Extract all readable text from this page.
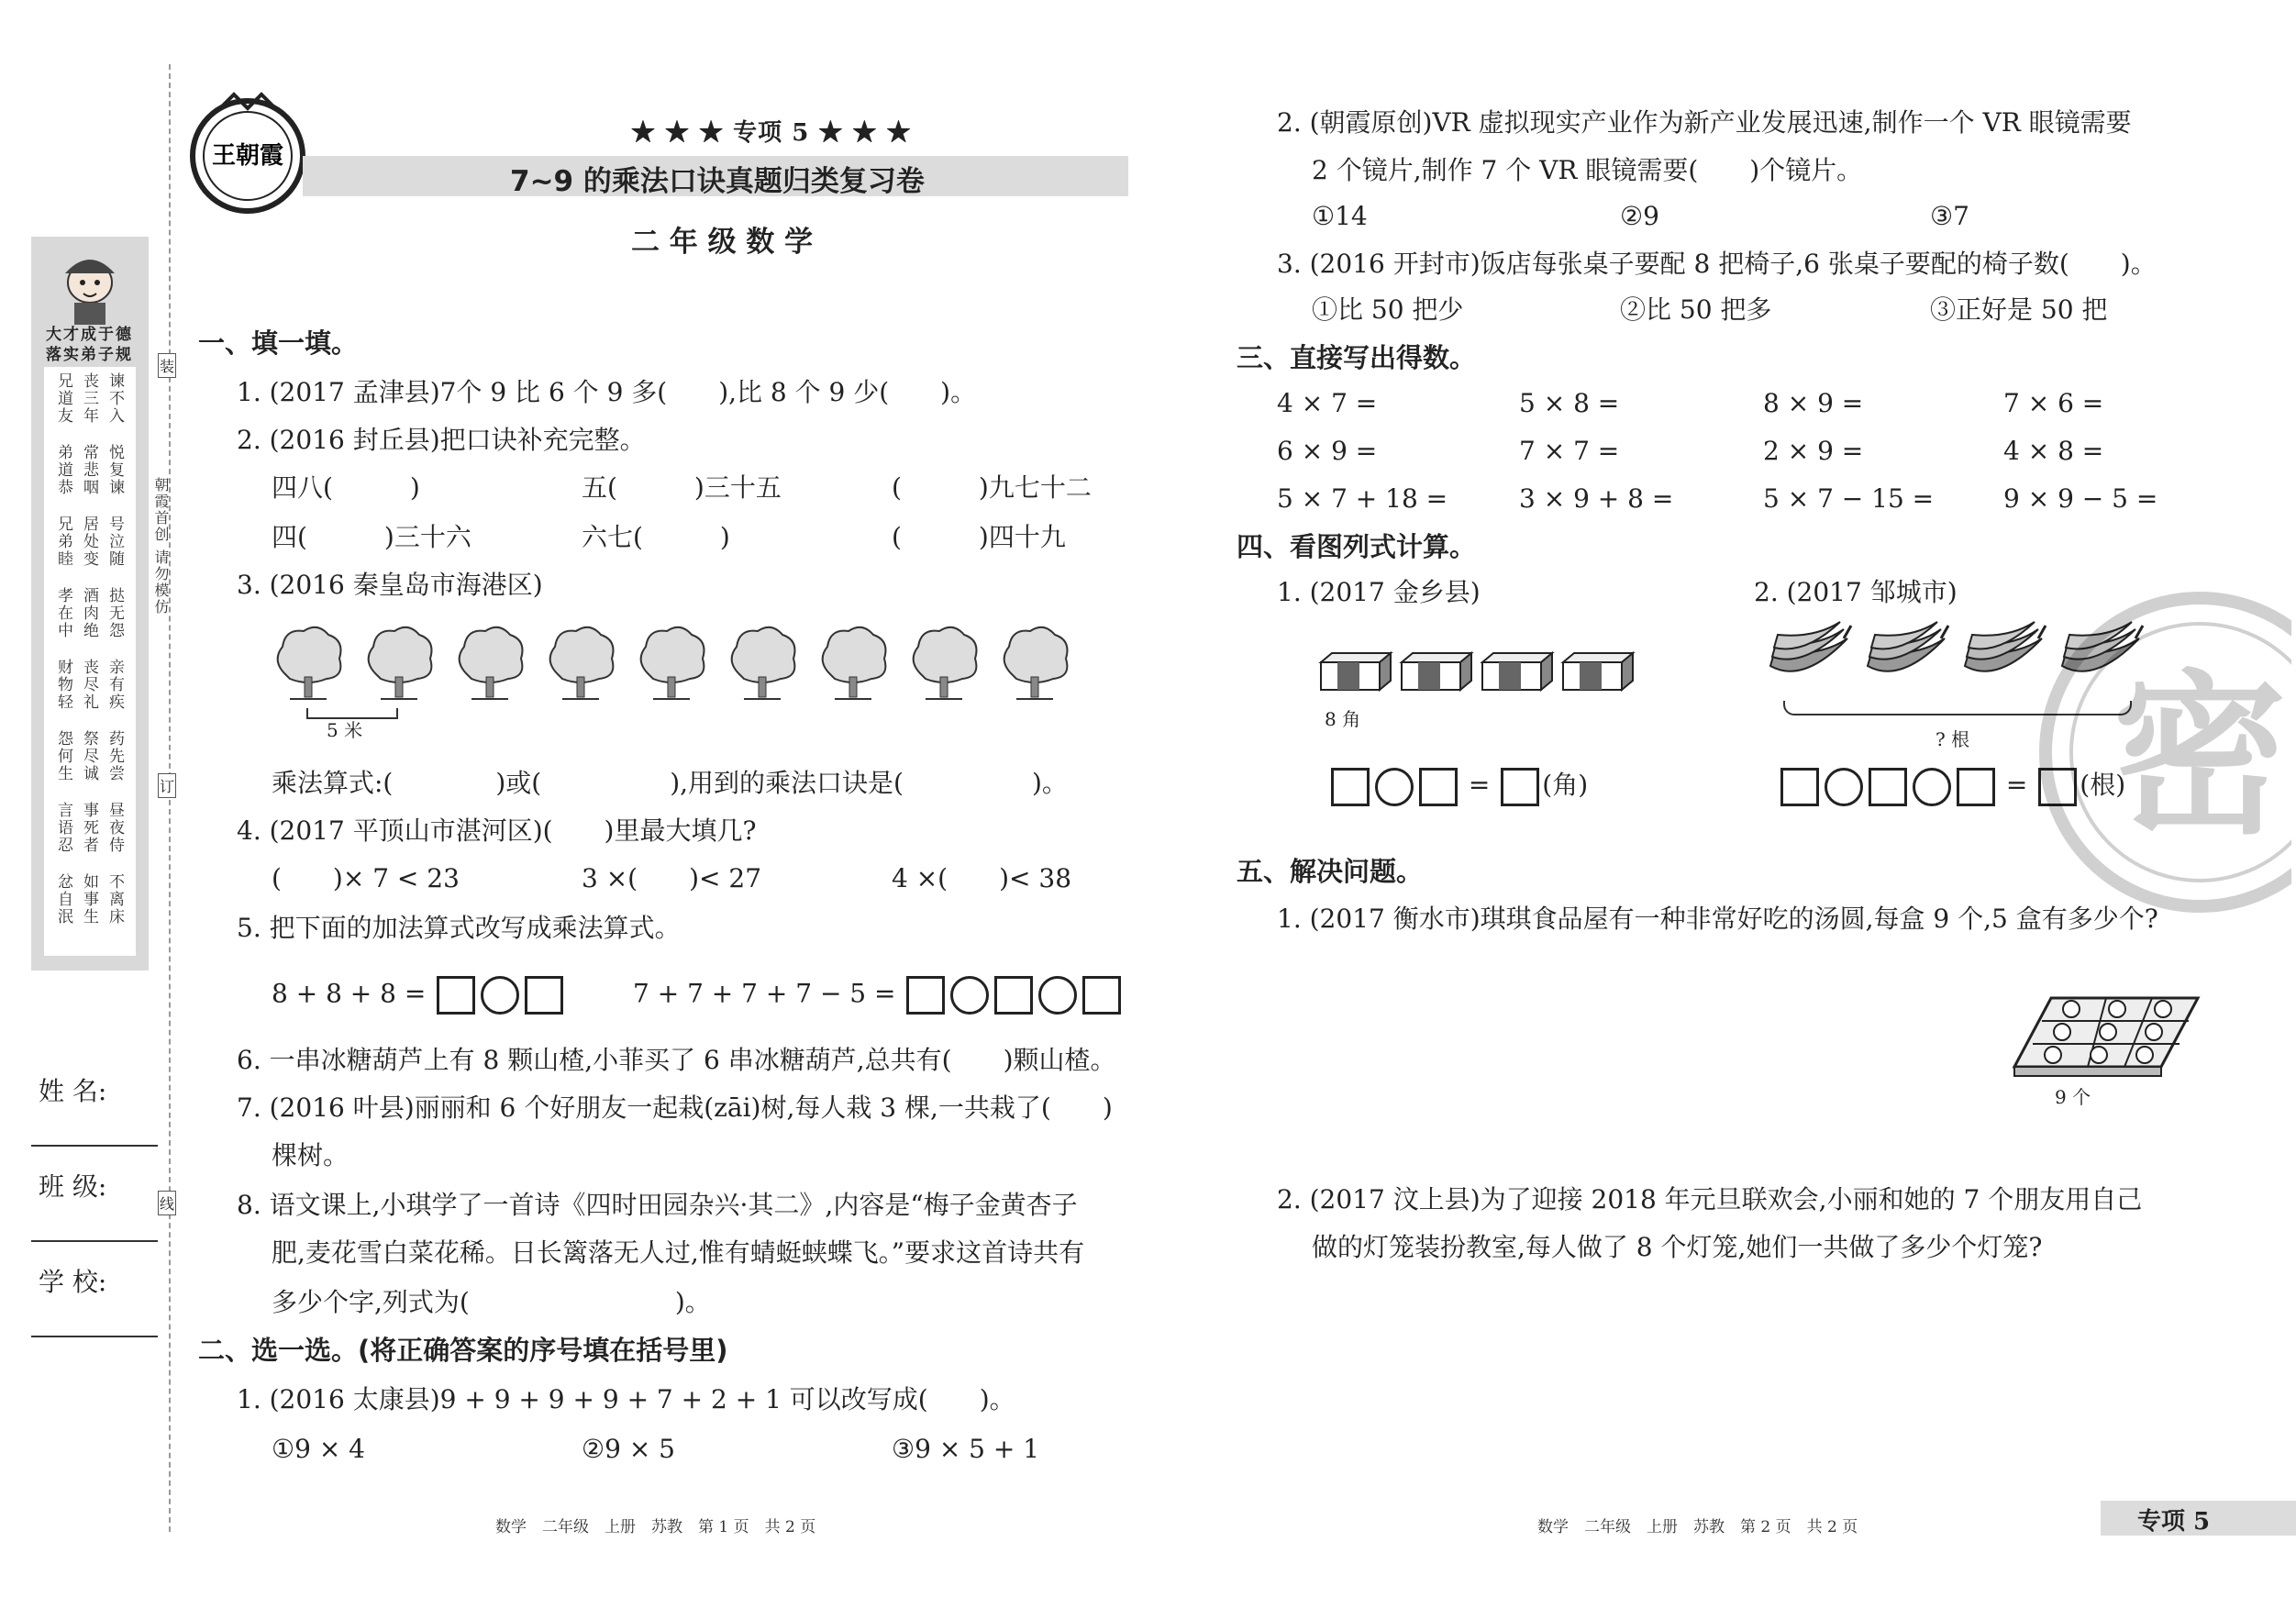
大才成于德
落实弟子规
装
订
线
朝霞首创 请勿模仿
姓 名:
班 级:
学 校:
王朝霞
★ ★ ★ 专项 5 ★ ★ ★
7~9 的乘法口诀真题归类复习卷
二 年 级 数 学
一、填一填。
1. (2017 孟津县)7个 9 比 6 个 9 多(　　),比 8 个 9 少(　　)。
2. (2016 封丘县)把口诀补充完整。
四八(　　　)	五(　　　)三十五	(　　　)九七十二
四(　　　)三十六	六七(　　　)	(　　　)四十九
3. (2016 秦皇岛市海港区)
5 米
乘法算式:(　　　　)或(　　　　　),用到的乘法口诀是(　　　　　)。
4. (2017 平顶山市湛河区)(　　)里最大填几?
(　　)× 7 < 23	3 ×(　　)< 27	4 ×(　　)< 38
5. 把下面的加法算式改写成乘法算式。
8 + 8 + 8 =	7 + 7 + 7 + 7 − 5 =
6. 一串冰糖葫芦上有 8 颗山楂,小菲买了 6 串冰糖葫芦,总共有(　　)颗山楂。
7. (2016 叶县)丽丽和 6 个好朋友一起栽(zāi)树,每人栽 3 棵,一共栽了(　　)
棵树。
8. 语文课上,小琪学了一首诗《四时田园杂兴·其二》,内容是“梅子金黄杏子
肥,麦花雪白菜花稀。日长篱落无人过,惟有蜻蜓蛱蝶飞。”要求这首诗共有
多少个字,列式为(　　　　　　　　)。
二、选一选。(将正确答案的序号填在括号里)
1. (2016 太康县)9 + 9 + 9 + 9 + 7 + 2 + 1 可以改写成(　　)。
①9 × 4	②9 × 5	③9 × 5 + 1
数学　二年级　上册　苏教　第 1 页　共 2 页
2. (朝霞原创)VR 虚拟现实产业作为新产业发展迅速,制作一个 VR 眼镜需要
2 个镜片,制作 7 个 VR 眼镜需要(　　)个镜片。
①14	②9	③7
3. (2016 开封市)饭店每张桌子要配 8 把椅子,6 张桌子要配的椅子数(　　)。
①比 50 把少	②比 50 把多	③正好是 50 把
三、直接写出得数。
4 × 7 =	5 × 8 =	8 × 9 =	7 × 6 =
6 × 9 =	7 × 7 =	2 × 9 =	4 × 8 =
5 × 7 + 18 =	3 × 9 + 8 =	5 × 7 − 15 =	9 × 9 − 5 =
四、看图列式计算。
1. (2017 金乡县)	2. (2017 邹城市)
8 角
? 根
= (角)	= (根)
五、解决问题。
1. (2017 衡水市)琪琪食品屋有一种非常好吃的汤圆,每盒 9 个,5 盒有多少个?
9 个
2. (2017 汶上县)为了迎接 2018 年元旦联欢会,小丽和她的 7 个朋友用自己
做的灯笼装扮教室,每人做了 8 个灯笼,她们一共做了多少个灯笼?
密
数学　二年级　上册　苏教　第 2 页　共 2 页	专项 5
兄道友 丧三年 谏不入
弟道恭 常悲咽 悦复谏
兄弟睦 居处变 号泣随
孝在中 酒肉绝 挞无怨
财物轻 丧尽礼 亲有疾
怨何生 祭尽诚 药先尝
言语忍 事死者 昼夜侍
忿自泯 如事生 不离床
